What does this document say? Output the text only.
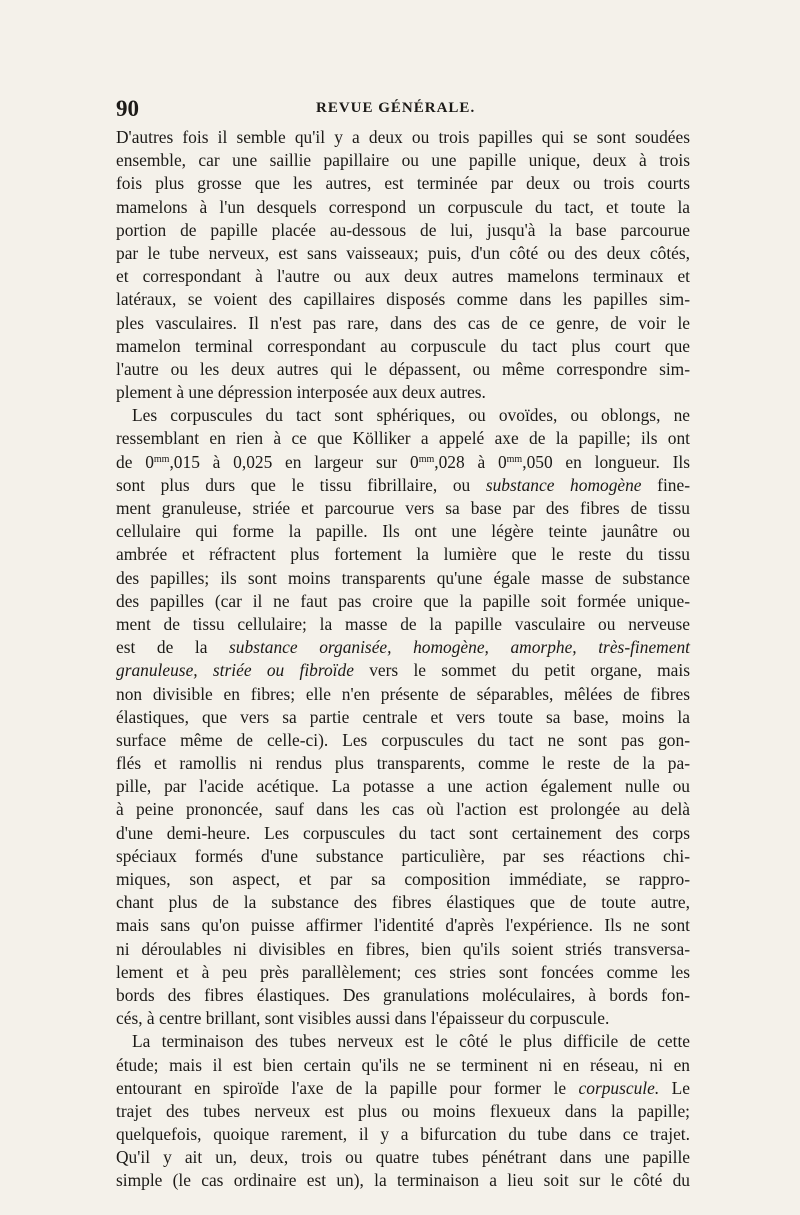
90	REVUE GÉNÉRALE.
D'autres fois il semble qu'il y a deux ou trois papilles qui se sont soudées
ensemble, car une saillie papillaire ou une papille unique, deux à trois
fois plus grosse que les autres, est terminée par deux ou trois courts
mamelons à l'un desquels correspond un corpuscule du tact, et toute la
portion de papille placée au-dessous de lui, jusqu'à la base parcourue
par le tube nerveux, est sans vaisseaux; puis, d'un côté ou des deux côtés,
et correspondant à l'autre ou aux deux autres mamelons terminaux et
latéraux, se voient des capillaires disposés comme dans les papilles sim-
ples vasculaires. Il n'est pas rare, dans des cas de ce genre, de voir le
mamelon terminal correspondant au corpuscule du tact plus court que
l'autre ou les deux autres qui le dépassent, ou même correspondre sim-
plement à une dépression interposée aux deux autres.
Les corpuscules du tact sont sphériques, ou ovoïdes, ou oblongs, ne
ressemblant en rien à ce que Kölliker a appelé axe de la papille; ils ont
de $0^{mm},015$ à 0,025 en largeur sur $0^{mm},028$ à $0^{mm},050$ en longueur. Ils
sont plus durs que le tissu fibrillaire, ou substance homogène fine-
ment granuleuse, striée et parcourue vers sa base par des fibres de tissu
cellulaire qui forme la papille. Ils ont une légère teinte jaunâtre ou
ambrée et réfractent plus fortement la lumière que le reste du tissu
des papilles; ils sont moins transparents qu'une égale masse de substance
des papilles (car il ne faut pas croire que la papille soit formée unique-
ment de tissu cellulaire; la masse de la papille vasculaire ou nerveuse
est de la substance organisée, homogène, amorphe, très-finement
granuleuse, striée ou fibroïde vers le sommet du petit organe, mais
non divisible en fibres; elle n'en présente de séparables, mêlées de fibres
élastiques, que vers sa partie centrale et vers toute sa base, moins la
surface même de celle-ci). Les corpuscules du tact ne sont pas gon-
flés et ramollis ni rendus plus transparents, comme le reste de la pa-
pille, par l'acide acétique. La potasse a une action également nulle ou
à peine prononcée, sauf dans les cas où l'action est prolongée au delà
d'une demi-heure. Les corpuscules du tact sont certainement des corps
spéciaux formés d'une substance particulière, par ses réactions chi-
miques, son aspect, et par sa composition immédiate, se rappro-
chant plus de la substance des fibres élastiques que de toute autre,
mais sans qu'on puisse affirmer l'identité d'après l'expérience. Ils ne sont
ni déroulables ni divisibles en fibres, bien qu'ils soient striés transversa-
lement et à peu près parallèlement; ces stries sont foncées comme les
bords des fibres élastiques. Des granulations moléculaires, à bords fon-
cés, à centre brillant, sont visibles aussi dans l'épaisseur du corpuscule.
La terminaison des tubes nerveux est le côté le plus difficile de cette
étude; mais il est bien certain qu'ils ne se terminent ni en réseau, ni en
entourant en spiroïde l'axe de la papille pour former le corpuscule. Le
trajet des tubes nerveux est plus ou moins flexueux dans la papille;
quelquefois, quoique rarement, il y a bifurcation du tube dans ce trajet.
Qu'il y ait un, deux, trois ou quatre tubes pénétrant dans une papille
simple (le cas ordinaire est un), la terminaison a lieu soit sur le côté du
